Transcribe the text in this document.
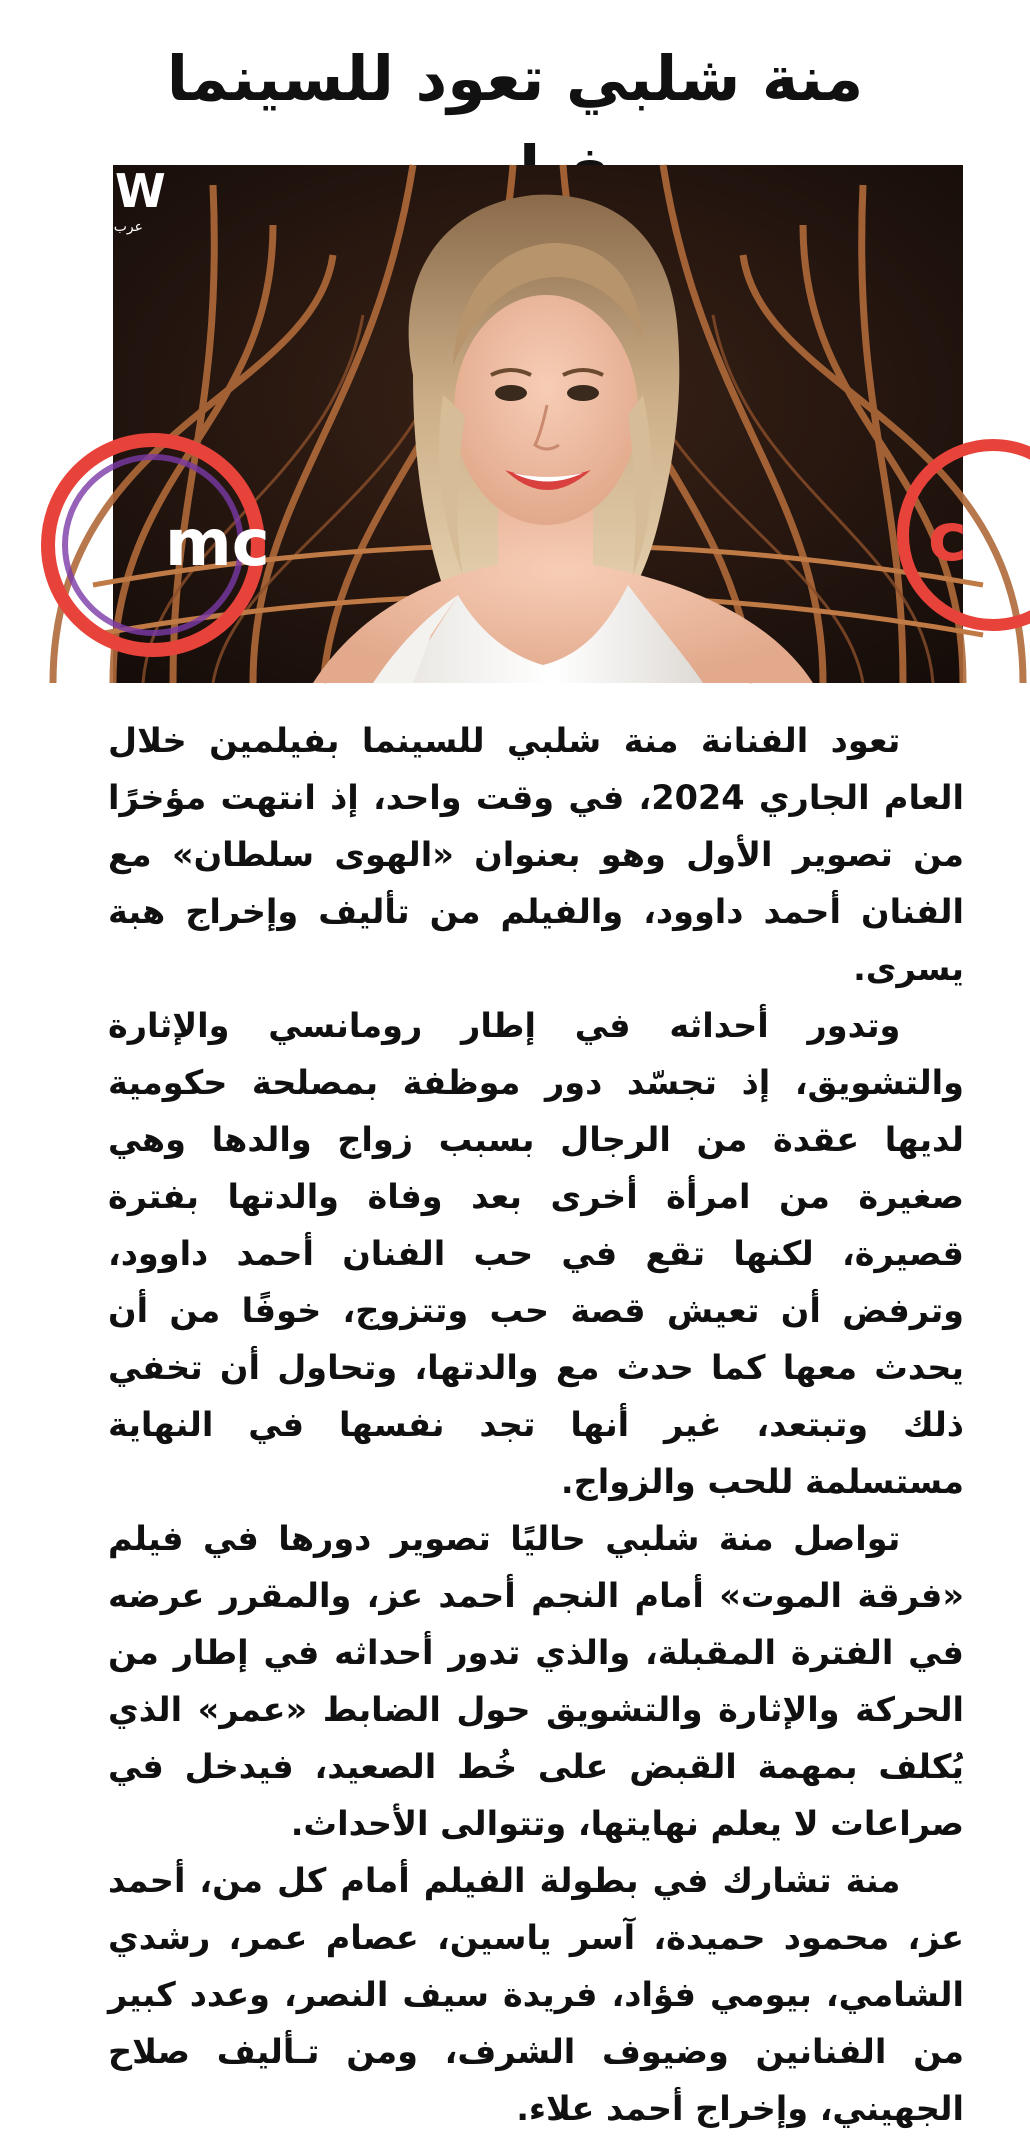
منة شلبي تعود للسينما
mc	c
W
عرب

تعود الفنانة منة شلبي للسينما بفيلمين خلال العام الجاري 2024، في وقت واحد، إذ انتهت مؤخرًا من تصوير الأول وهو بعنوان «الهوى سلطان» مع الفنان أحمد داوود، والفيلم من تأليف وإخراج هبة يسرى.

وتدور أحداثه في إطار رومانسي والإثارة والتشويق، إذ تجسّد دور موظفة بمصلحة حكومية لديها عقدة من الرجال بسبب زواج والدها وهي صغيرة من امرأة أخرى بعد وفاة والدتها بفترة قصيرة، لكنها تقع في حب الفنان أحمد داوود، وترفض أن تعيش قصة حب وتتزوج، خوفًا من أن يحدث معها كما حدث مع والدتها، وتحاول أن تخفي ذلك وتبتعد، غير أنها تجد نفسها في النهاية مستسلمة للحب والزواج.

تواصل منة شلبي حاليًا تصوير دورها في فيلم «فرقة الموت» أمام النجم أحمد عز، والمقرر عرضه في الفترة المقبلة، والذي تدور أحداثه في إطار من الحركة والإثارة والتشويق حول الضابط «عمر» الذي يُكلف بمهمة القبض على خُط الصعيد، فيدخل في صراعات لا يعلم نهايتها، وتتوالى الأحداث.

منة تشارك في بطولة الفيلم أمام كل من، أحمد عز، محمود حميدة، آسر ياسين، عصام عمر، رشدي الشامي، بيومي فؤاد، فريدة سيف النصر، وعدد كبير من الفنانين وضيوف الشرف، ومن تـأليف صلاح الجهيني، وإخراج أحمد علاء.
